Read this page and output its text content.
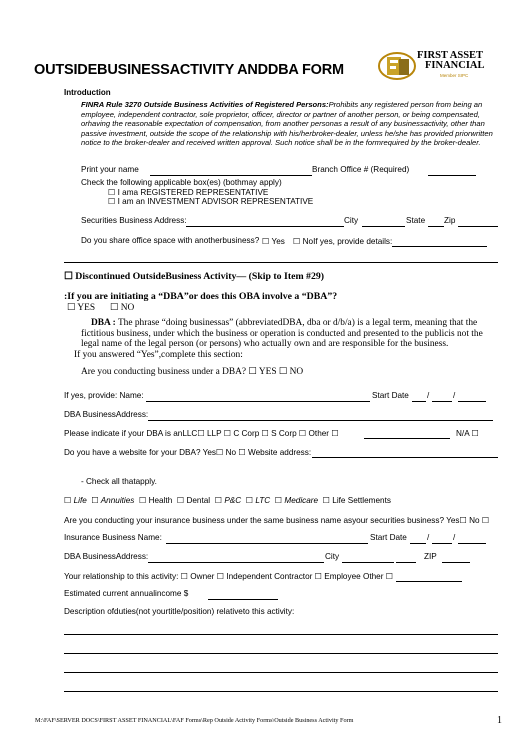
FIRST ASSET
FINANCIAL
Member SIPC
OUTSIDEBUSINESSACTIVITY ANDDBA FORM
Introduction
FINRA Rule 3270 Outside Business Activities of Registered Persons:Prohibits any registered person from being an employee, independent contractor, sole proprietor, officer, director or partner of another person, or being compensated, orhaving the reasonable expectation of compensation, from another personas a result of any businessactivity, other than passive investment, outside the scope of the relationship with his/herbroker-dealer, unless he/she has provided priorwritten notice to the broker-dealer and received written approval. Such notice shall be in the formrequired by the broker-dealer.
Print your name	Branch Office # (Required)
Check the following applicable box(es) (bothmay apply)
☐ I ama REGISTERED REPRESENTATIVE
☐ I am an INVESTMENT ADVISOR REPRESENTATIVE
Securities Business Address:	City	State Zip
Do you share office space with anotherbusiness? ☐ Yes ☐ NoIf yes, provide details:
☐ Discontinued OutsideBusiness Activity— (Skip to Item #29)
:If you are initiating a “DBA”or does this OBA involve a “DBA”?
☐ YES ☐ NO
DBA : The phrase “doing businessas” (abbreviatedDBA, dba or d/b/a) is a legal term, meaning that the fictitious business, under which the business or operation is conducted and presented to the publicis not the legal name of the legal person (or persons) who actually own and are responsible for the business.
If you answered “Yes”,complete this section:
Are you conducting business under a DBA? ☐ YES ☐ NO
If yes, provide: Name:	Start Date /	/
DBA BusinessAddress:
Please indicate if your DBA is anLLC☐ LLP ☐ C Corp ☐ S Corp ☐ Other ☐	N/A ☐
Do you have a website for your DBA? Yes☐ No ☐ Website address:
- Check all thatapply.
☐ Life ☐ Annuities ☐ Health ☐ Dental ☐ P&C ☐ LTC ☐ Medicare ☐ Life Settlements
Are you conducting your insurance business under the same business name asyour securities business? Yes☐ No ☐
Insurance Business Name:	Start Date /	/
DBA BusinessAddress:	City	ZIP
Your relationship to this activity: ☐ Owner ☐ Independent Contractor ☐ Employee Other ☐
Estimated current annualincome $
Description ofduties(not yourtitle/position) relativeto this activity:
M:\FAF\SERVER DOCS\FIRST ASSET FINANCIAL\FAF Forms\Rep Outside Activity Forms\Outside Business Activity Form	1
